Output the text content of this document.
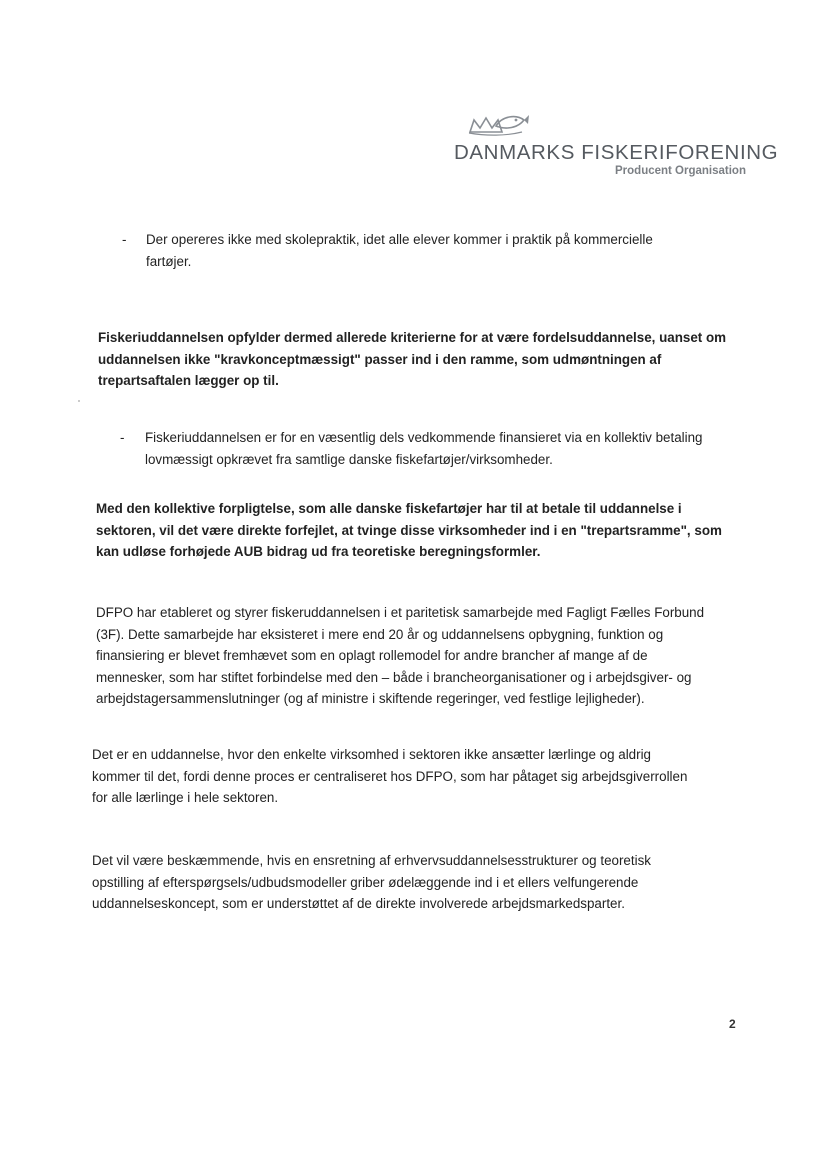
DANMARKS FISKERIFORENING
Producent Organisation
- Der opereres ikke med skolepraktik, idet alle elever kommer i praktik på kommercielle
fartøjer.
Fiskeriuddannelsen opfylder dermed allerede kriterierne for at være fordelsuddannelse, uanset om
uddannelsen ikke "kravkonceptmæssigt" passer ind i den ramme, som udmøntningen af
trepartsaftalen lægger op til.
- Fiskeriuddannelsen er for en væsentlig dels vedkommende finansieret via en kollektiv betaling
lovmæssigt opkrævet fra samtlige danske fiskefartøjer/virksomheder.
Med den kollektive forpligtelse, som alle danske fiskefartøjer har til at betale til uddannelse i
sektoren, vil det være direkte forfejlet, at tvinge disse virksomheder ind i en "trepartsramme", som
kan udløse forhøjede AUB bidrag ud fra teoretiske beregningsformler.
DFPO har etableret og styrer fiskeruddannelsen i et paritetisk samarbejde med Fagligt Fælles Forbund
(3F). Dette samarbejde har eksisteret i mere end 20 år og uddannelsens opbygning, funktion og
finansiering er blevet fremhævet som en oplagt rollemodel for andre brancher af mange af de
mennesker, som har stiftet forbindelse med den – både i brancheorganisationer og i arbejdsgiver- og
arbejdstagersammenslutninger (og af ministre i skiftende regeringer, ved festlige lejligheder).
Det er en uddannelse, hvor den enkelte virksomhed i sektoren ikke ansætter lærlinge og aldrig
kommer til det, fordi denne proces er centraliseret hos DFPO, som har påtaget sig arbejdsgiverrollen
for alle lærlinge i hele sektoren.
Det vil være beskæmmende, hvis en ensretning af erhvervsuddannelsesstrukturer og teoretisk
opstilling af efterspørgsels/udbudsmodeller griber ødelæggende ind i et ellers velfungerende
uddannelseskoncept, som er understøttet af de direkte involverede arbejdsmarkedsparter.
2
